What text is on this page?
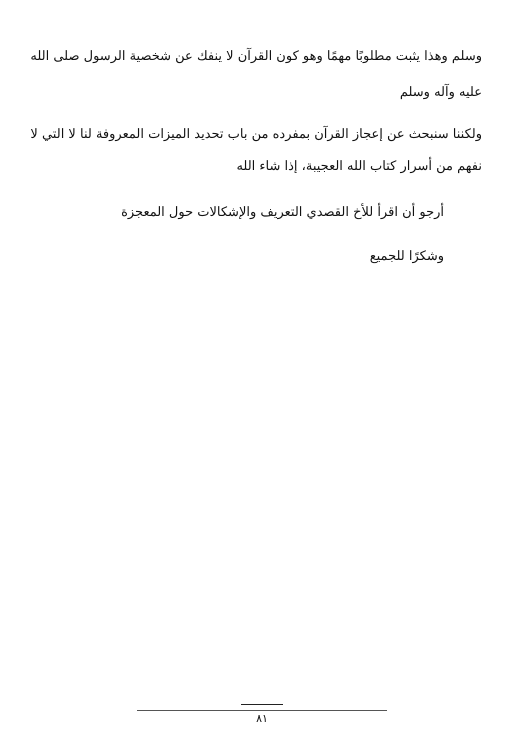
وسلم وهذا يثبت مطلوبًا مهمًا وهو كون القرآن لا ينفك عن شخصية الرسول صلى الله
عليه وآله وسلم
ولكننا سنبحث عن إعجاز القرآن بمفرده من باب تحديد الميزات المعروفة لنا لا التي لا
نفهم من أسرار كتاب الله العجيبة، إذا شاء الله
أرجو أن اقرأ للأخ القصدي التعريف والإشكالات حول المعجزة
وشكرًا للجميع
٨١
